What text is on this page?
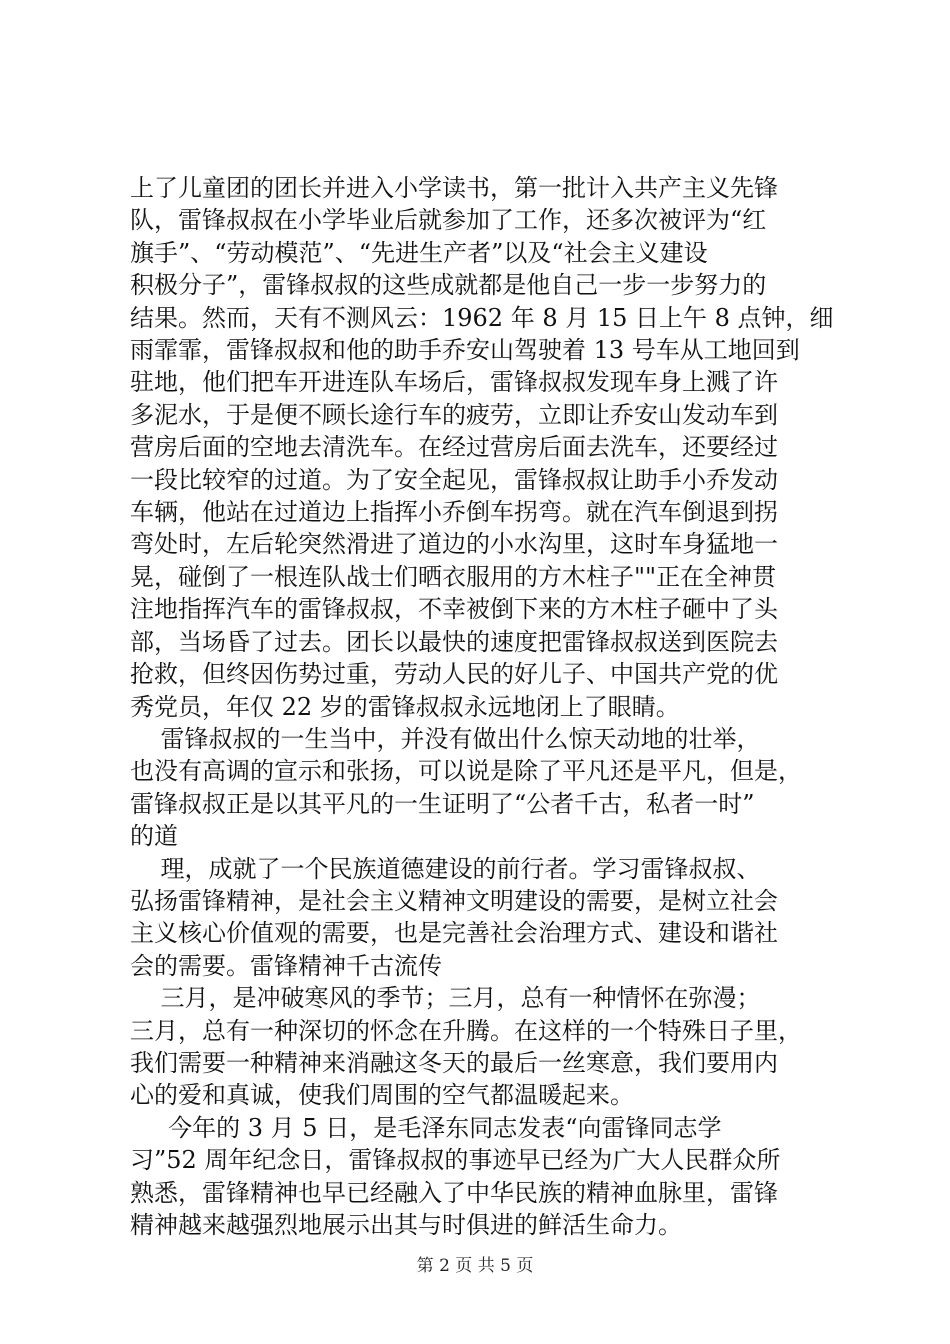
上了儿童团的团长并进入小学读书，第一批计入共产主义先锋
队，雷锋叔叔在小学毕业后就参加了工作，还多次被评为“红
旗手”、“劳动模范”、“先进生产者”以及“社会主义建设
积极分子”，雷锋叔叔的这些成就都是他自己一步一步努力的
结果。然而，天有不测风云：1962 年 8 月 15 日上午 8 点钟，细
雨霏霏，雷锋叔叔和他的助手乔安山驾驶着 13 号车从工地回到
驻地，他们把车开进连队车场后，雷锋叔叔发现车身上溅了许
多泥水，于是便不顾长途行车的疲劳，立即让乔安山发动车到
营房后面的空地去清洗车。在经过营房后面去洗车，还要经过
一段比较窄的过道。为了安全起见，雷锋叔叔让助手小乔发动
车辆，他站在过道边上指挥小乔倒车拐弯。就在汽车倒退到拐
弯处时，左后轮突然滑进了道边的小水沟里，这时车身猛地一
晃，碰倒了一根连队战士们晒衣服用的方木柱子""正在全神贯
注地指挥汽车的雷锋叔叔，不幸被倒下来的方木柱子砸中了头
部，当场昏了过去。团长以最快的速度把雷锋叔叔送到医院去
抢救，但终因伤势过重，劳动人民的好儿子、中国共产党的优
秀党员，年仅 22 岁的雷锋叔叔永远地闭上了眼睛。
雷锋叔叔的一生当中，并没有做出什么惊天动地的壮举，
也没有高调的宣示和张扬，可以说是除了平凡还是平凡，但是，
雷锋叔叔正是以其平凡的一生证明了“公者千古，私者一时”
的道
理，成就了一个民族道德建设的前行者。学习雷锋叔叔、
弘扬雷锋精神，是社会主义精神文明建设的需要，是树立社会
主义核心价值观的需要，也是完善社会治理方式、建设和谐社
会的需要。雷锋精神千古流传
三月，是冲破寒风的季节；三月，总有一种情怀在弥漫；
三月，总有一种深切的怀念在升腾。在这样的一个特殊日子里，
我们需要一种精神来消融这冬天的最后一丝寒意，我们要用内
心的爱和真诚，使我们周围的空气都温暖起来。
今年的 3 月 5 日，是毛泽东同志发表“向雷锋同志学
习”52 周年纪念日，雷锋叔叔的事迹早已经为广大人民群众所
熟悉，雷锋精神也早已经融入了中华民族的精神血脉里，雷锋
精神越来越强烈地展示出其与时俱进的鲜活生命力。
第 2 页 共 5 页
